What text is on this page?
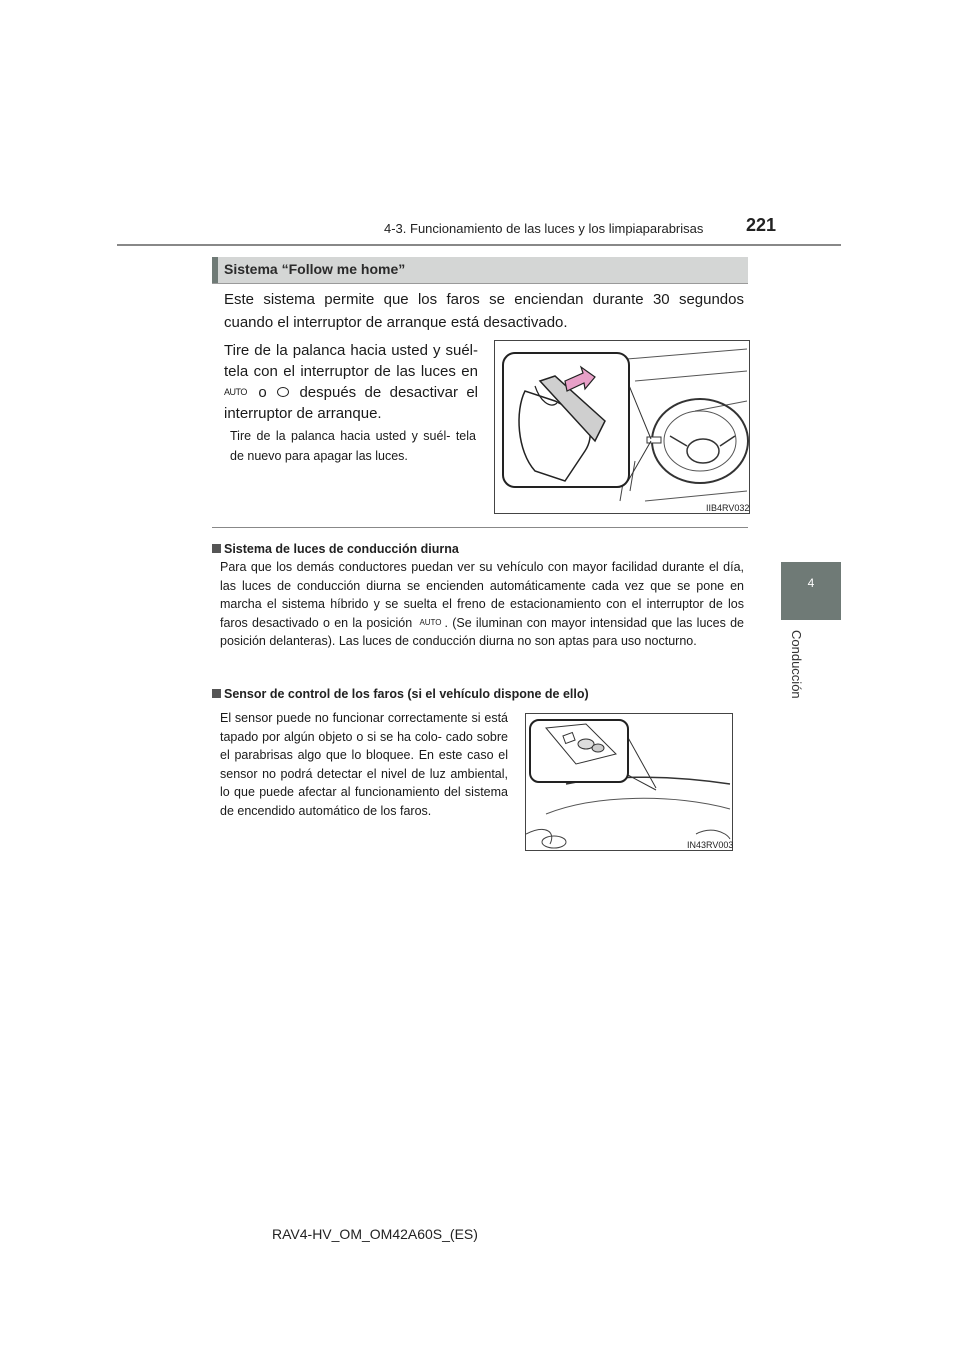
4-3. Funcionamiento de las luces y los limpiaparabrisas 221
4
Conducción
Sistema “Follow me home”
Este sistema permite que los faros se enciendan durante 30 segundos cuando el interruptor de arranque está desactivado.
Tire de la palanca hacia usted y suél- tela con el interruptor de las luces en AUTO o después de desactivar el interruptor de arranque.
Tire de la palanca hacia usted y suél- tela de nuevo para apagar las luces.
IIB4RV032
Sistema de luces de conducción diurna
Para que los demás conductores puedan ver su vehículo con mayor facilidad durante el día, las luces de conducción diurna se encienden automáticamente cada vez que se pone en marcha el sistema híbrido y se suelta el freno de estacionamiento con el interruptor de los faros desactivado o en la posición AUTO . (Se iluminan con mayor intensidad que las luces de posición delanteras). Las luces de conducción diurna no son aptas para uso nocturno.
Sensor de control de los faros (si el vehículo dispone de ello)
El sensor puede no funcionar correctamente si está tapado por algún objeto o si se ha colo- cado sobre el parabrisas algo que lo bloquee. En este caso el sensor no podrá detectar el nivel de luz ambiental, lo que puede afectar al funcionamiento del sistema de encendido automático de los faros.
IN43RV003
RAV4-HV_OM_OM42A60S_(ES)
